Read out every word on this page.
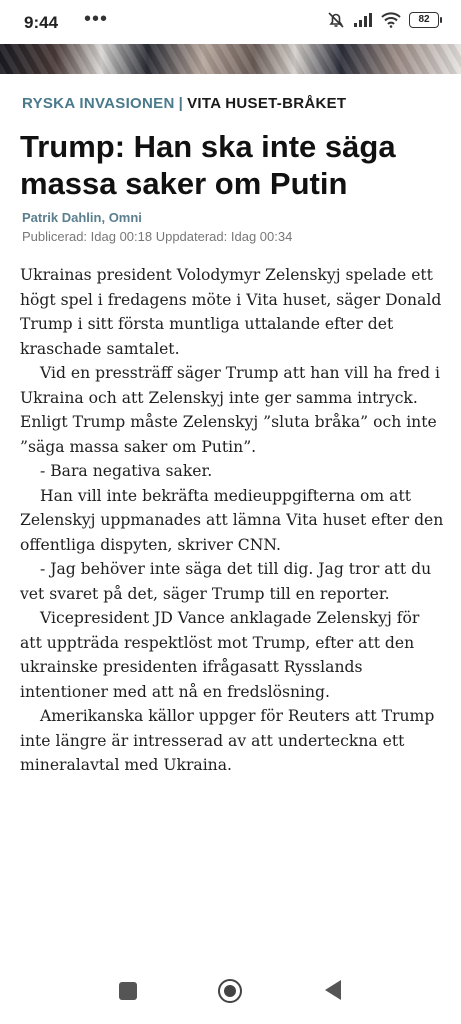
9:44 •••	82
RYSKA INVASIONEN | VITA HUSET-BRÅKET
Trump: Han ska inte säga massa saker om Putin
Patrik Dahlin, Omni
Publicerad: Idag 00:18 Uppdaterad: Idag 00:34

Ukrainas president Volodymyr Zelenskyj spelade ett högt spel i fredagens möte i Vita huset, säger Donald Trump i sitt första muntliga uttalande efter det kraschade samtalet.

Vid en pressträff säger Trump att han vill ha fred i Ukraina och att Zelenskyj inte ger samma intryck. Enligt Trump måste Zelenskyj ”sluta bråka” och inte ”säga massa saker om Putin”.

- Bara negativa saker.

Han vill inte bekräfta medieuppgifterna om att Zelenskyj uppmanades att lämna Vita huset efter den offentliga dispyten, skriver CNN.

- Jag behöver inte säga det till dig. Jag tror att du vet svaret på det, säger Trump till en reporter.

Vicepresident JD Vance anklagade Zelenskyj för att uppträda respektlöst mot Trump, efter att den ukrainske presidenten ifrågasatt Rysslands intentioner med att nå en fredslösning.

Amerikanska källor uppger för Reuters att Trump inte längre är intresserad av att underteckna ett mineralavtal med Ukraina.
